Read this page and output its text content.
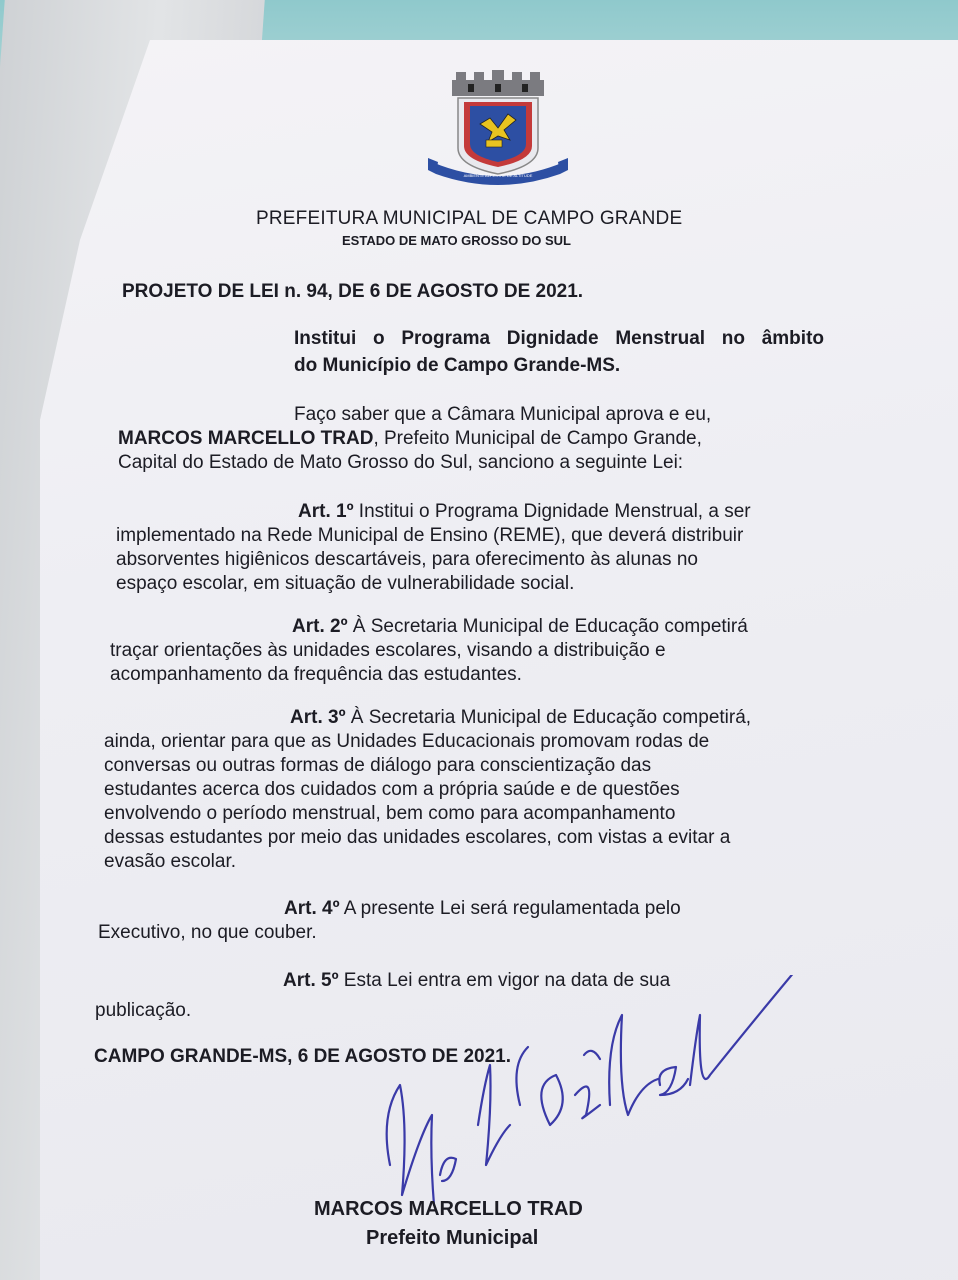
AMBIENTE ALPESTRE DE ALTITUDE
PREFEITURA MUNICIPAL DE CAMPO GRANDE
ESTADO DE MATO GROSSO DO SUL
PROJETO DE LEI n. 94, DE 6 DE AGOSTO DE 2021.
Institui o Programa Dignidade Menstrual no âmbito
do Município de Campo Grande-MS.
Faço saber que a Câmara Municipal aprova e eu,
MARCOS MARCELLO TRAD, Prefeito Municipal de Campo Grande,
Capital do Estado de Mato Grosso do Sul, sanciono a seguinte Lei:
Art. 1º Institui o Programa Dignidade Menstrual, a ser
implementado na Rede Municipal de Ensino (REME), que deverá distribuir
absorventes higiênicos descartáveis, para oferecimento às alunas no
espaço escolar, em situação de vulnerabilidade social.
Art. 2º À Secretaria Municipal de Educação competirá
traçar orientações às unidades escolares, visando a distribuição e
acompanhamento da frequência das estudantes.
Art. 3º À Secretaria Municipal de Educação competirá,
ainda, orientar para que as Unidades Educacionais promovam rodas de
conversas ou outras formas de diálogo para conscientização das
estudantes acerca dos cuidados com a própria saúde e de questões
envolvendo o período menstrual, bem como para acompanhamento
dessas estudantes por meio das unidades escolares, com vistas a evitar a
evasão escolar.
Art. 4º A presente Lei será regulamentada pelo
Executivo, no que couber.
Art. 5º Esta Lei entra em vigor na data de sua
publicação.
CAMPO GRANDE-MS, 6 DE AGOSTO DE 2021.
MARCOS MARCELLO TRAD
Prefeito Municipal
